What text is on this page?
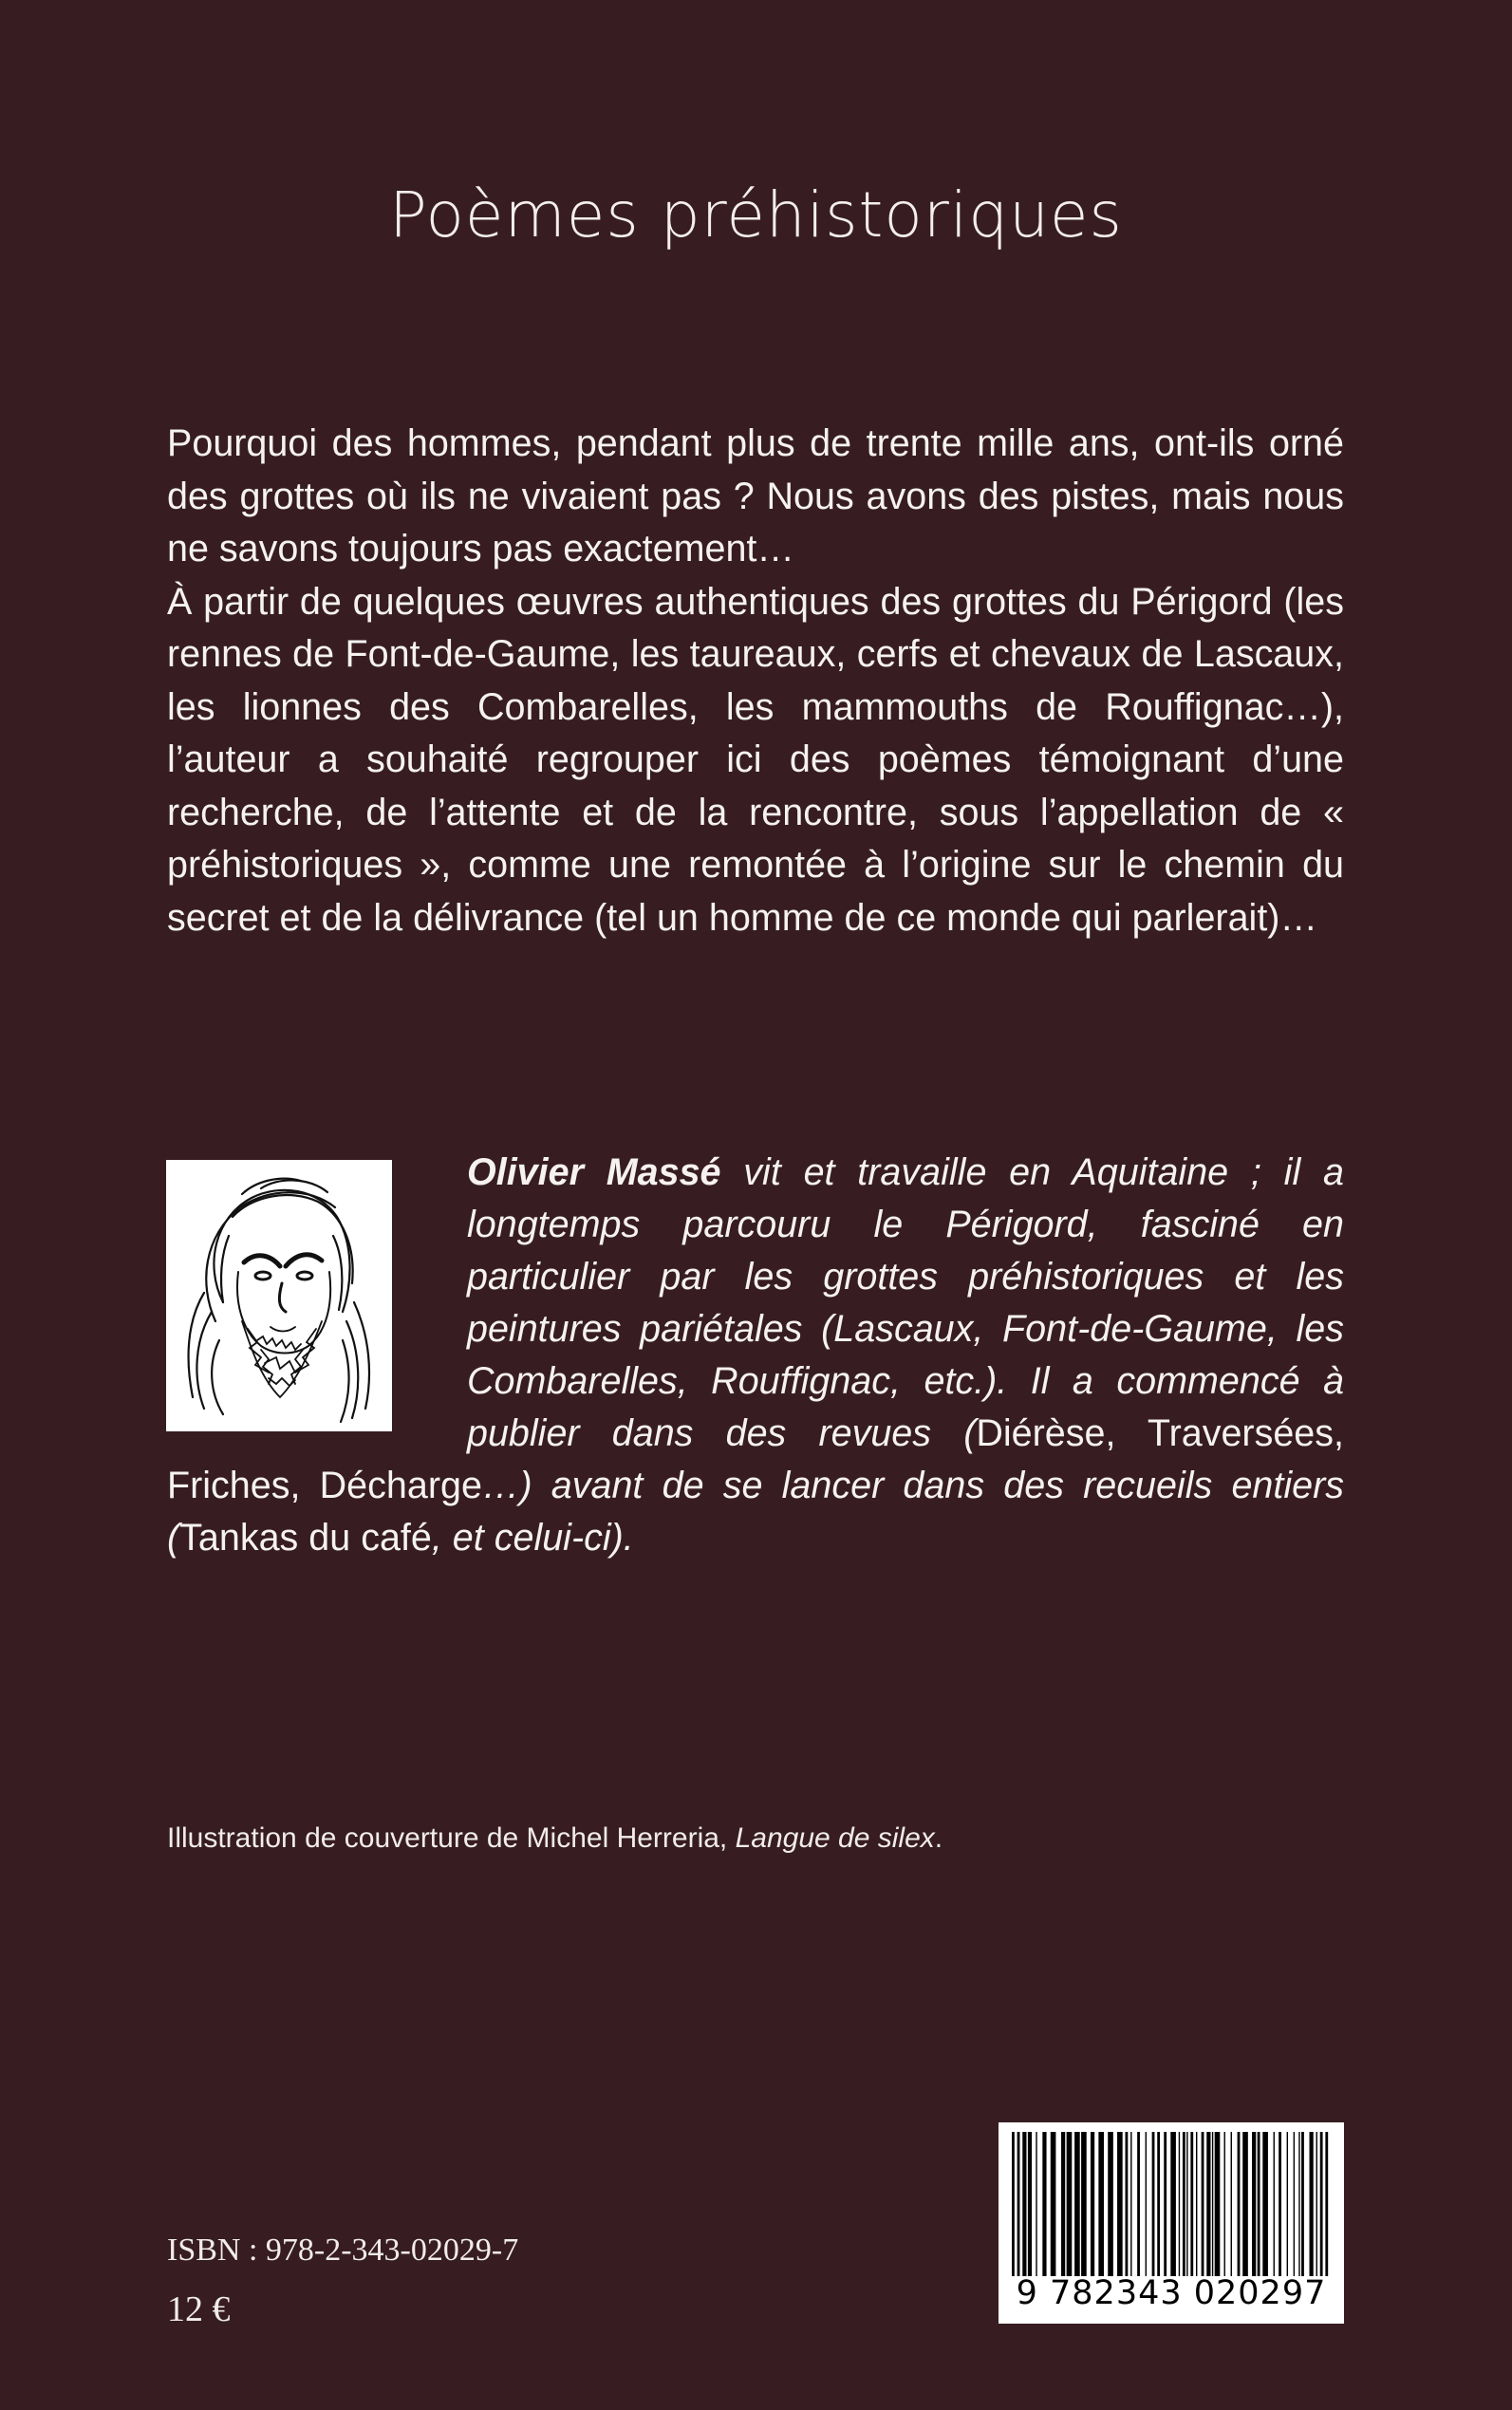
Poèmes préhistoriques

Pourquoi des hommes, pendant plus de trente mille ans, ont-ils orné des grottes où ils ne vivaient pas ? Nous avons des pistes, mais nous ne savons toujours pas exactement…

À partir de quelques œuvres authentiques des grottes du Périgord (les rennes de Font-de-Gaume, les taureaux, cerfs et chevaux de Lascaux, les lionnes des Combarelles, les mammouths de Rouffignac…), l’auteur a souhaité regrouper ici des poèmes témoignant d’une recherche, de l’attente et de la rencontre, sous l’appellation de « préhistoriques », comme une remontée à l’origine sur le chemin du secret et de la délivrance (tel un homme de ce monde qui parlerait)…

Olivier Massé vit et travaille en Aquitaine ; il a longtemps parcouru le Périgord, fasciné en particulier par les grottes préhistoriques et les peintures pariétales (Lascaux, Font-de-Gaume, les Combarelles, Rouffignac, etc.). Il a commencé à publier dans des revues (Diérèse, Traversées, Friches, Décharge…) avant de se lancer dans des recueils entiers (Tankas du café, et celui-ci).
Illustration de couverture de Michel Herreria, Langue de silex.
ISBN : 978-2-343-02029-7
12 €	9 782343 020297
